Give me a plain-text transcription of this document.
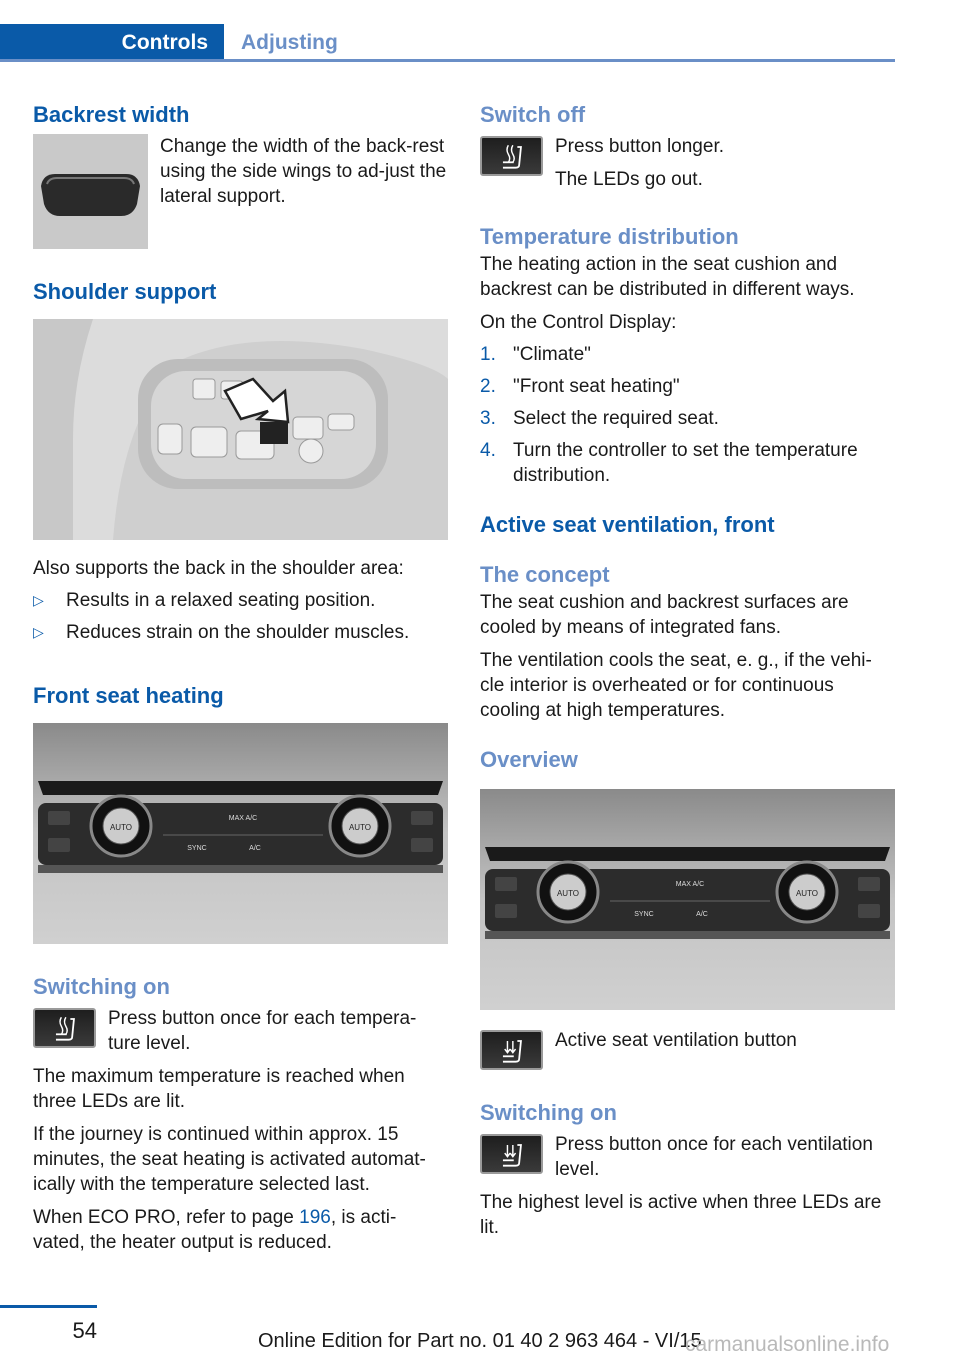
Controls	Adjusting
Backrest width

Change the width of the back‐rest using the side wings to ad‐just the lateral support.

Shoulder support

Also supports the back in the shoulder area:

▷ Results in a relaxed seating position.
▷ Reduces strain on the shoulder muscles.
Front seat heating
AUTO	AUTO
MAX A/C
SYNC	A/C
Switching on

Press button once for each tempera‐ture level.

The maximum temperature is reached when three LEDs are lit.

If the journey is continued within approx. 15 minutes, the seat heating is activated automat‐ically with the temperature selected last.

When ECO PRO, refer to page 196, is acti‐vated, the heater output is reduced.

Switch off

Press button longer.

The LEDs go out.

Temperature distribution

The heating action in the seat cushion and backrest can be distributed in different ways.

On the Control Display:

1. "Climate"
2. "Front seat heating"
3. Select the required seat.
4. Turn the controller to set the temperature distribution.
Active seat ventilation, front
The concept

The seat cushion and backrest surfaces are cooled by means of integrated fans.

The ventilation cools the seat, e. g., if the vehi‐cle interior is overheated or for continuous cooling at high temperatures.

Overview
AUTO	AUTO
MAX A/C
SYNC	A/C

Active seat ventilation button

Switching on

Press button once for each ventilation level.

The highest level is active when three LEDs are lit.

54	Online Edition for Part no. 01 40 2 963 464 - VI/15
carmanualsonline.info
